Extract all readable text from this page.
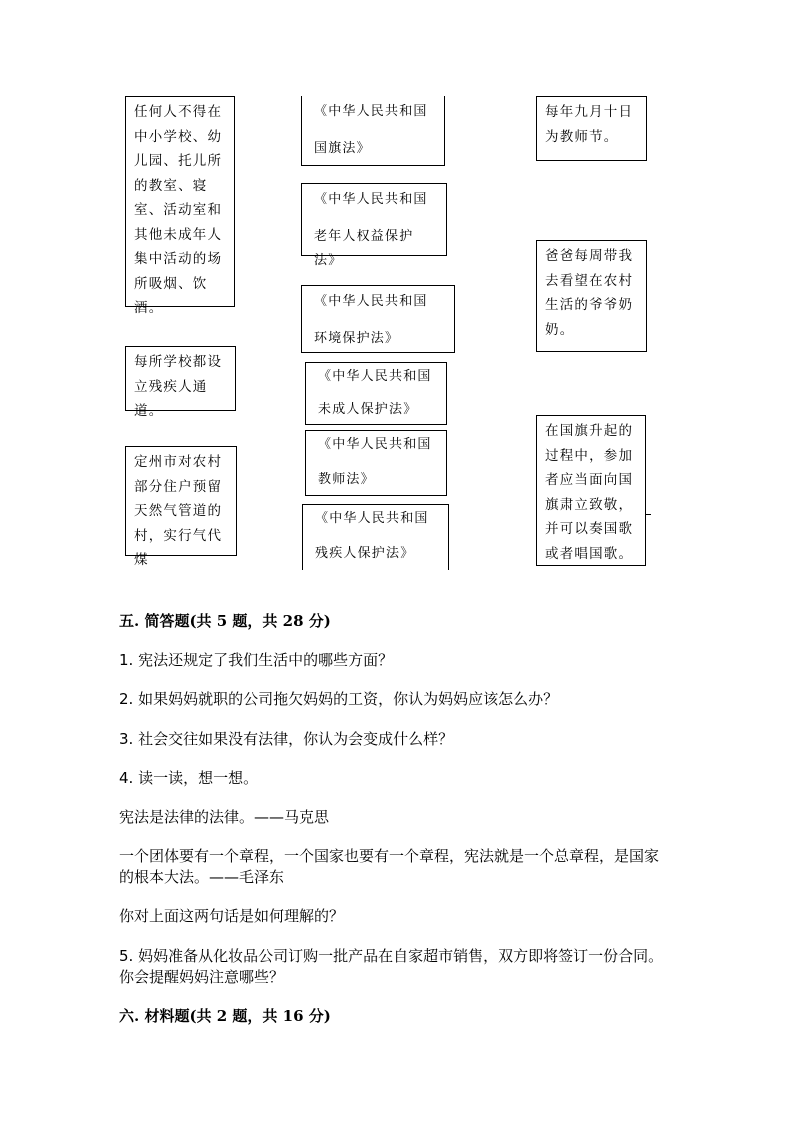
任何人不得在中小学校、幼儿园、托儿所的教室、寝室、活动室和其他未成年人集中活动的场所吸烟、饮酒。
每所学校都设立残疾人通道。
定州市对农村部分住户预留天然气管道的村，实行气代煤
《中华人民共和国
国旗法》
《中华人民共和国
老年人权益保护法》
《中华人民共和国
环境保护法》
《中华人民共和国
未成人保护法》
《中华人民共和国
教师法》
《中华人民共和国
残疾人保护法》
每年九月十日为教师节。
爸爸每周带我去看望在农村生活的爷爷奶奶。
在国旗升起的过程中，参加者应当面向国旗肃立致敬，并可以奏国歌或者唱国歌。

五. 简答题(共 5 题，共 28 分)

1. 宪法还规定了我们生活中的哪些方面？

2. 如果妈妈就职的公司拖欠妈妈的工资，你认为妈妈应该怎么办？

3. 社会交往如果没有法律，你认为会变成什么样？

4. 读一读，想一想。

宪法是法律的法律。——马克思

一个团体要有一个章程，一个国家也要有一个章程，宪法就是一个总章程，是国家的根本大法。——毛泽东

你对上面这两句话是如何理解的？

5. 妈妈准备从化妆品公司订购一批产品在自家超市销售，双方即将签订一份合同。你会提醒妈妈注意哪些？

六. 材料题(共 2 题，共 16 分)
